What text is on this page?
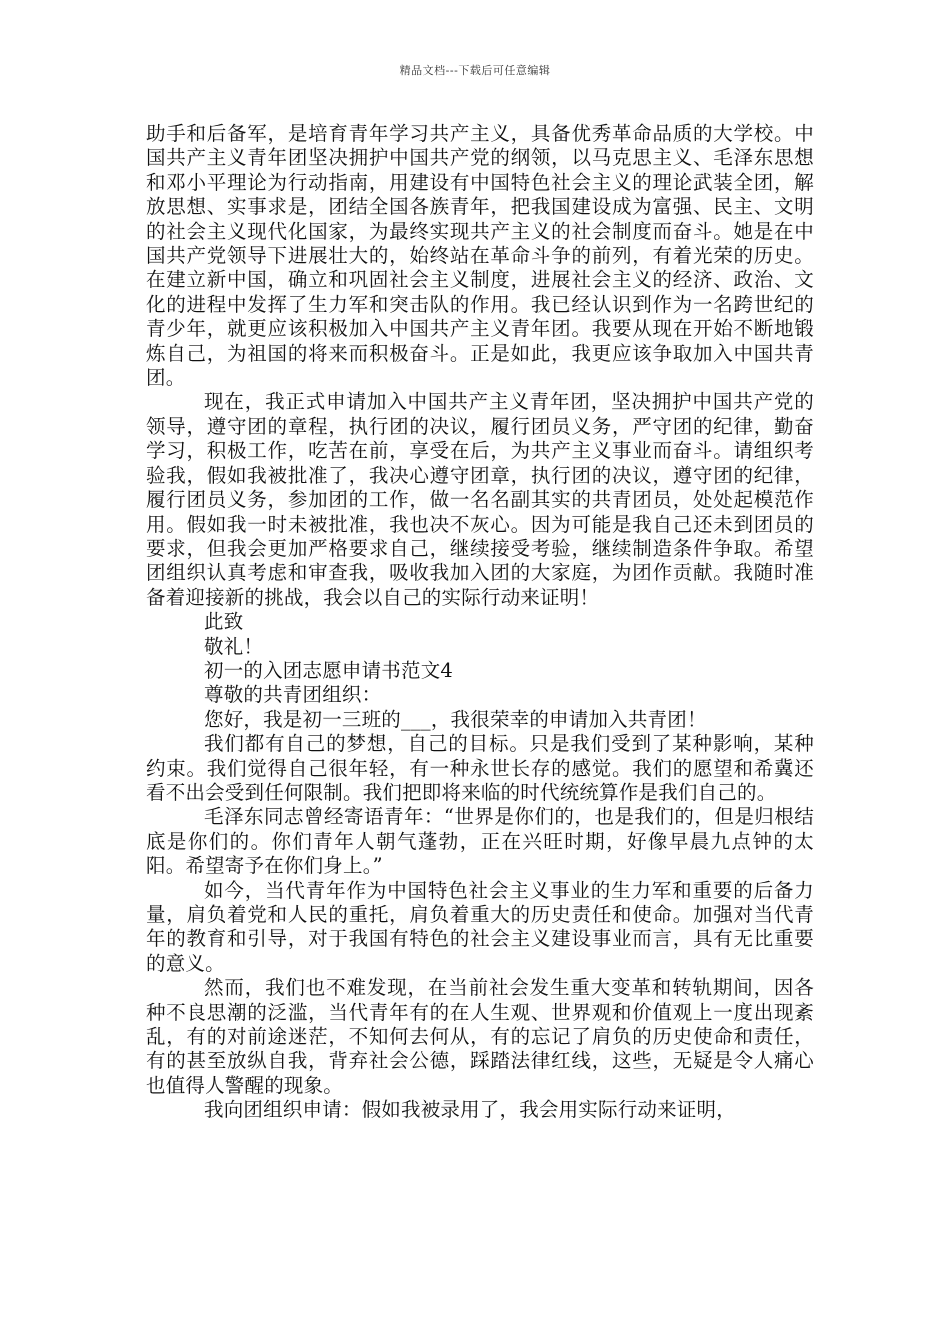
精品文档---下载后可任意编辑

助手和后备军，是培育青年学习共产主义，具备优秀革命品质的大学校。中国共产主义青年团坚决拥护中国共产党的纲领，以马克思主义、毛泽东思想和邓小平理论为行动指南，用建设有中国特色社会主义的理论武装全团，解放思想、实事求是，团结全国各族青年，把我国建设成为富强、民主、文明的社会主义现代化国家，为最终实现共产主义的社会制度而奋斗。她是在中国共产党领导下进展壮大的，始终站在革命斗争的前列，有着光荣的历史。在建立新中国，确立和巩固社会主义制度，进展社会主义的经济、政治、文化的进程中发挥了生力军和突击队的作用。我已经认识到作为一名跨世纪的青少年，就更应该积极加入中国共产主义青年团。我要从现在开始不断地锻炼自己，为祖国的将来而积极奋斗。正是如此，我更应该争取加入中国共青团。

现在，我正式申请加入中国共产主义青年团，坚决拥护中国共产党的领导，遵守团的章程，执行团的决议，履行团员义务，严守团的纪律，勤奋学习，积极工作，吃苦在前，享受在后，为共产主义事业而奋斗。请组织考验我，假如我被批准了，我决心遵守团章，执行团的决议，遵守团的纪律，履行团员义务，参加团的工作，做一名名副其实的共青团员，处处起模范作用。假如我一时未被批准，我也决不灰心。因为可能是我自己还未到团员的要求，但我会更加严格要求自己，继续接受考验，继续制造条件争取。希望团组织认真考虑和审查我，吸收我加入团的大家庭，为团作贡献。我随时准备着迎接新的挑战，我会以自己的实际行动来证明！

此致

敬礼！

初一的入团志愿申请书范文4

尊敬的共青团组织：

您好，我是初一三班的___，我很荣幸的申请加入共青团！

我们都有自己的梦想，自己的目标。只是我们受到了某种影响，某种约束。我们觉得自己很年轻，有一种永世长存的感觉。我们的愿望和希冀还看不出会受到任何限制。我们把即将来临的时代统统算作是我们自己的。

毛泽东同志曾经寄语青年：“世界是你们的，也是我们的，但是归根结底是你们的。你们青年人朝气蓬勃，正在兴旺时期，好像早晨九点钟的太阳。希望寄予在你们身上。”

如今，当代青年作为中国特色社会主义事业的生力军和重要的后备力量，肩负着党和人民的重托，肩负着重大的历史责任和使命。加强对当代青年的教育和引导，对于我国有特色的社会主义建设事业而言，具有无比重要的意义。

然而，我们也不难发现，在当前社会发生重大变革和转轨期间，因各种不良思潮的泛滥，当代青年有的在人生观、世界观和价值观上一度出现紊乱，有的对前途迷茫，不知何去何从，有的忘记了肩负的历史使命和责任，有的甚至放纵自我，背弃社会公德，踩踏法律红线，这些，无疑是令人痛心也值得人警醒的现象。

我向团组织申请：假如我被录用了，我会用实际行动来证明，
